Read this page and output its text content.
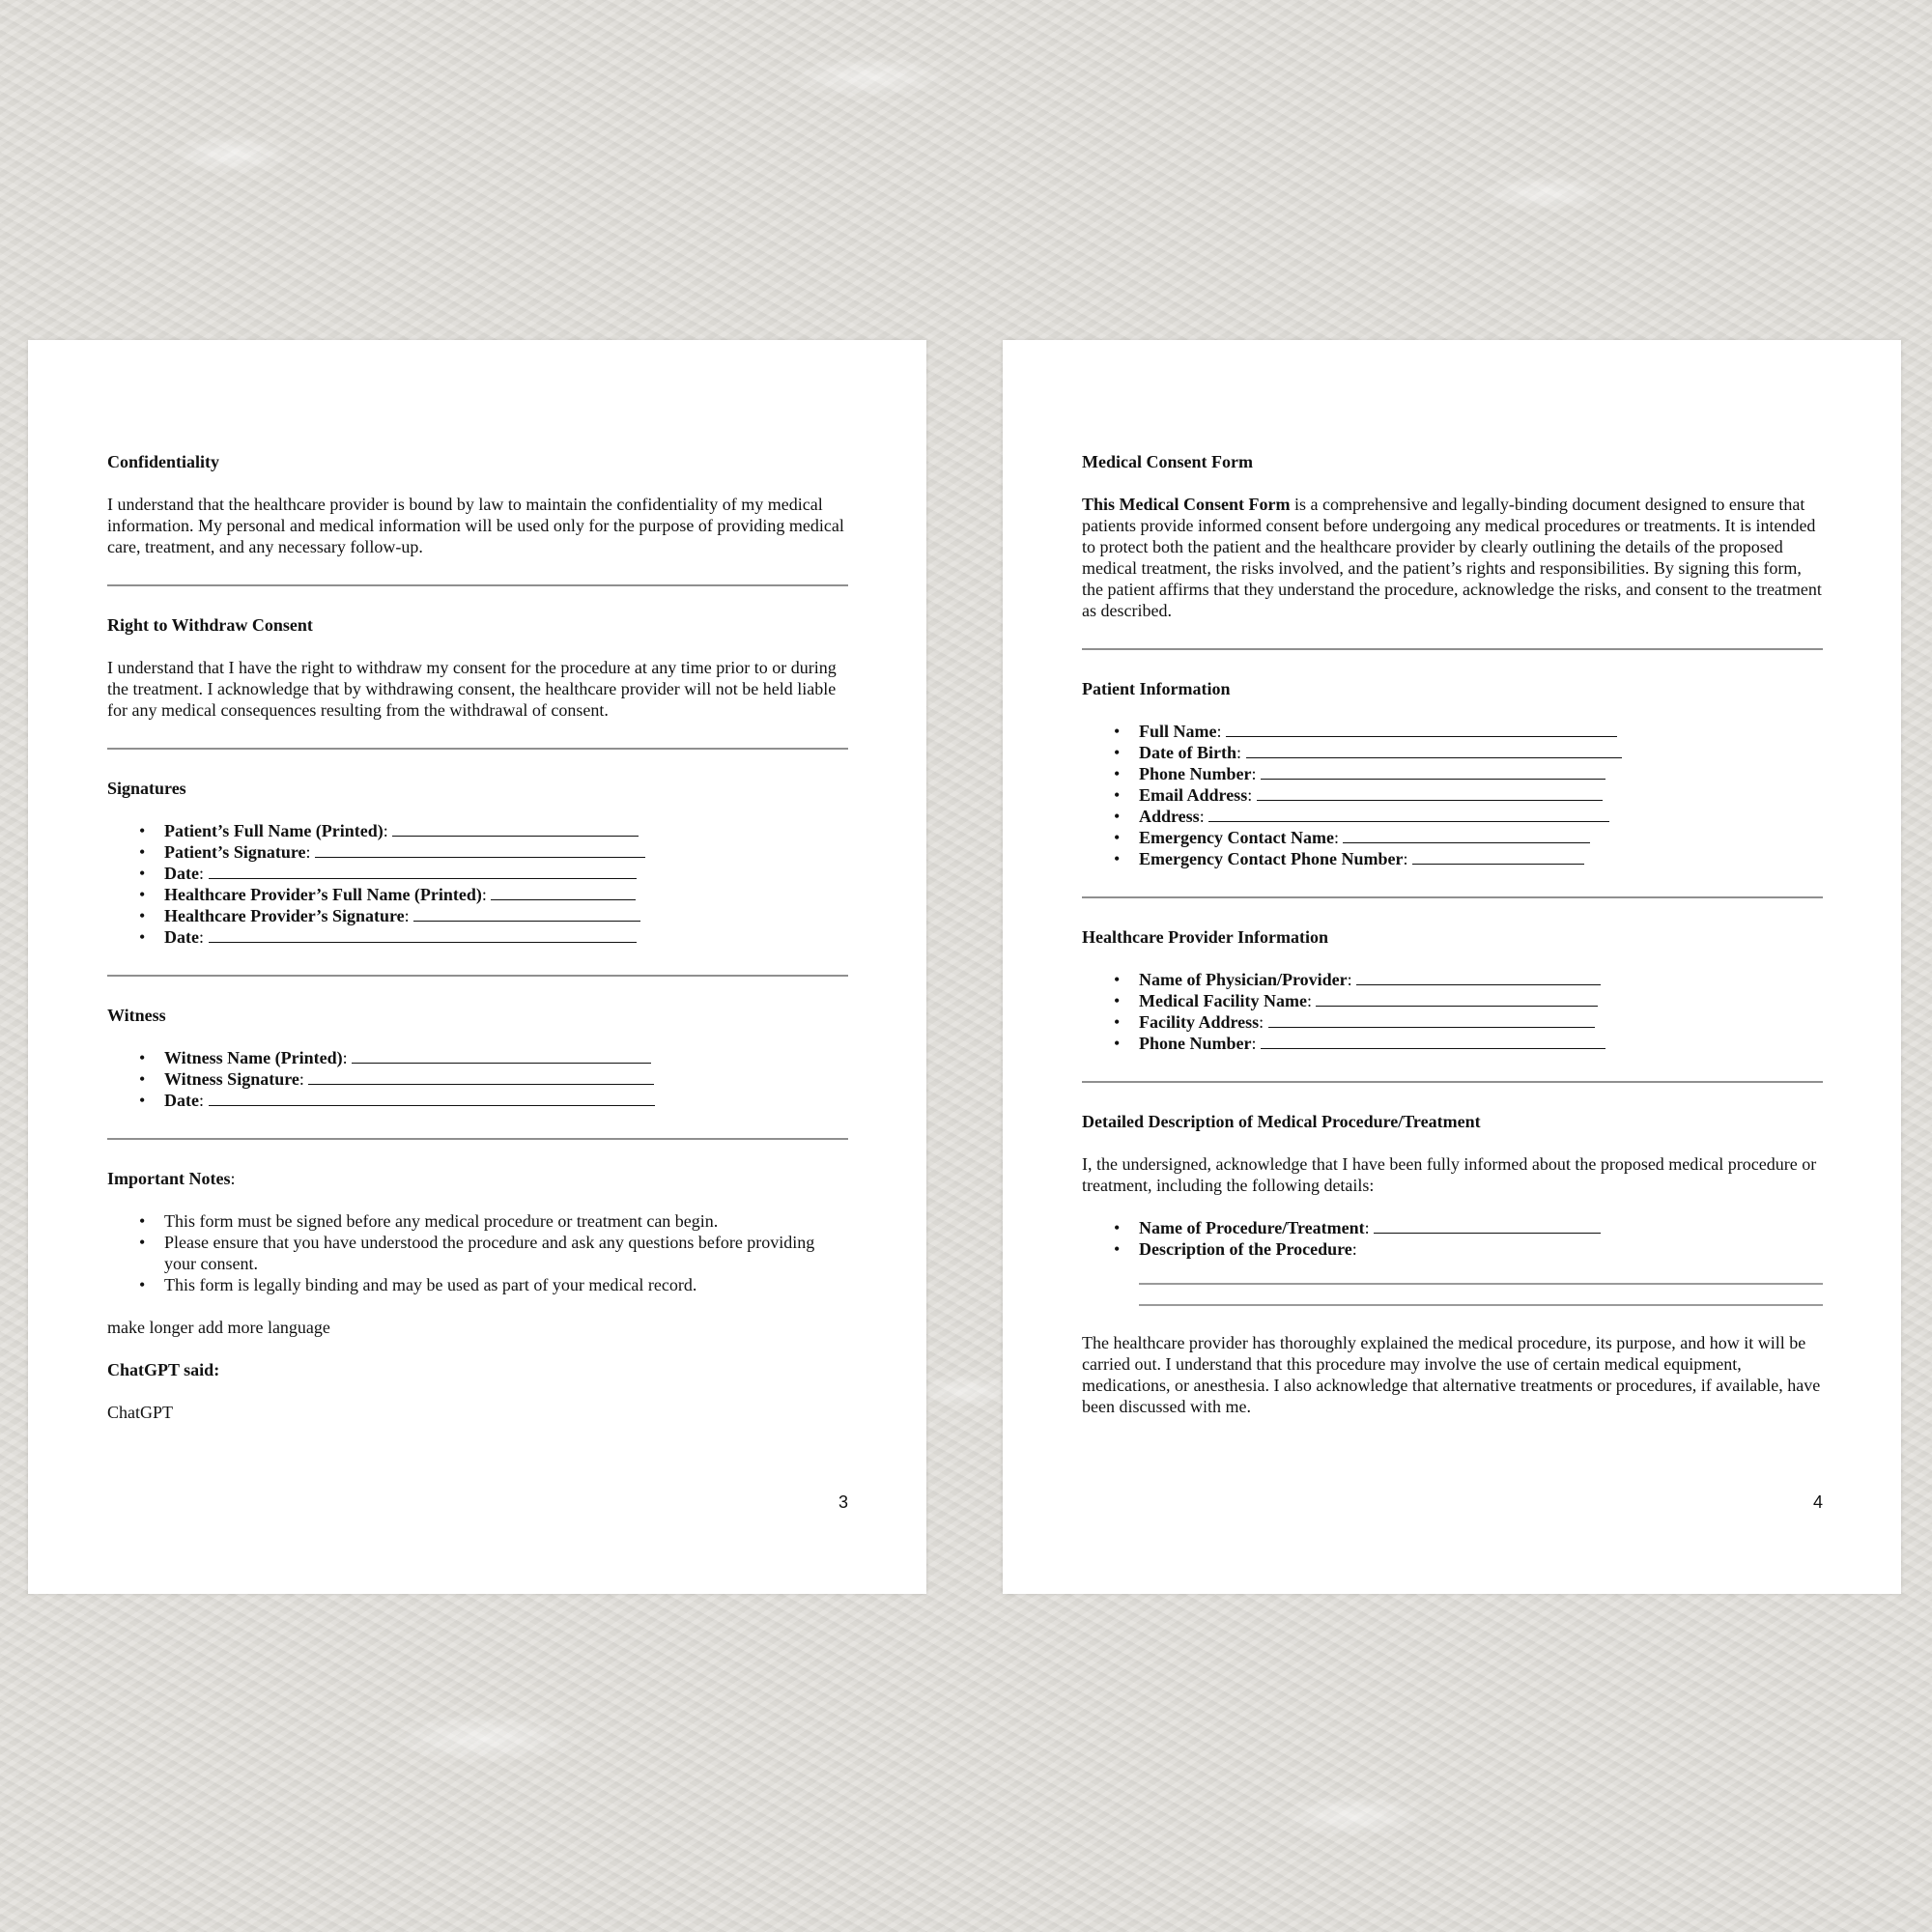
Confidentiality

I understand that the healthcare provider is bound by law to maintain the confidentiality of my medical information. My personal and medical information will be used only for the purpose of providing medical care, treatment, and any necessary follow-up.

Right to Withdraw Consent

I understand that I have the right to withdraw my consent for the procedure at any time prior to or during the treatment. I acknowledge that by withdrawing consent, the healthcare provider will not be held liable for any medical consequences resulting from the withdrawal of consent.

Signatures
• Patient’s Full Name (Printed):
• Patient’s Signature:
• Date:
• Healthcare Provider’s Full Name (Printed):
• Healthcare Provider’s Signature:
• Date:
Witness
• Witness Name (Printed):
• Witness Signature:
• Date:
Important Notes:
• This form must be signed before any medical procedure or treatment can begin.
• Please ensure that you have understood the procedure and ask any questions before providing your consent.
• This form is legally binding and may be used as part of your medical record.

make longer add more language

ChatGPT said:

ChatGPT

3
Medical Consent Form

This Medical Consent Form is a comprehensive and legally-binding document designed to ensure that patients provide informed consent before undergoing any medical procedures or treatments. It is intended to protect both the patient and the healthcare provider by clearly outlining the details of the proposed medical treatment, the risks involved, and the patient’s rights and responsibilities. By signing this form, the patient affirms that they understand the procedure, acknowledge the risks, and consent to the treatment as described.

Patient Information
• Full Name:
• Date of Birth:
• Phone Number:
• Email Address:
• Address:
• Emergency Contact Name:
• Emergency Contact Phone Number:
Healthcare Provider Information
• Name of Physician/Provider:
• Medical Facility Name:
• Facility Address:
• Phone Number:
Detailed Description of Medical Procedure/Treatment

I, the undersigned, acknowledge that I have been fully informed about the proposed medical procedure or treatment, including the following details:

• Name of Procedure/Treatment:
• Description of the Procedure:

The healthcare provider has thoroughly explained the medical procedure, its purpose, and how it will be carried out. I understand that this procedure may involve the use of certain medical equipment, medications, or anesthesia. I also acknowledge that alternative treatments or procedures, if available, have been discussed with me.

4
